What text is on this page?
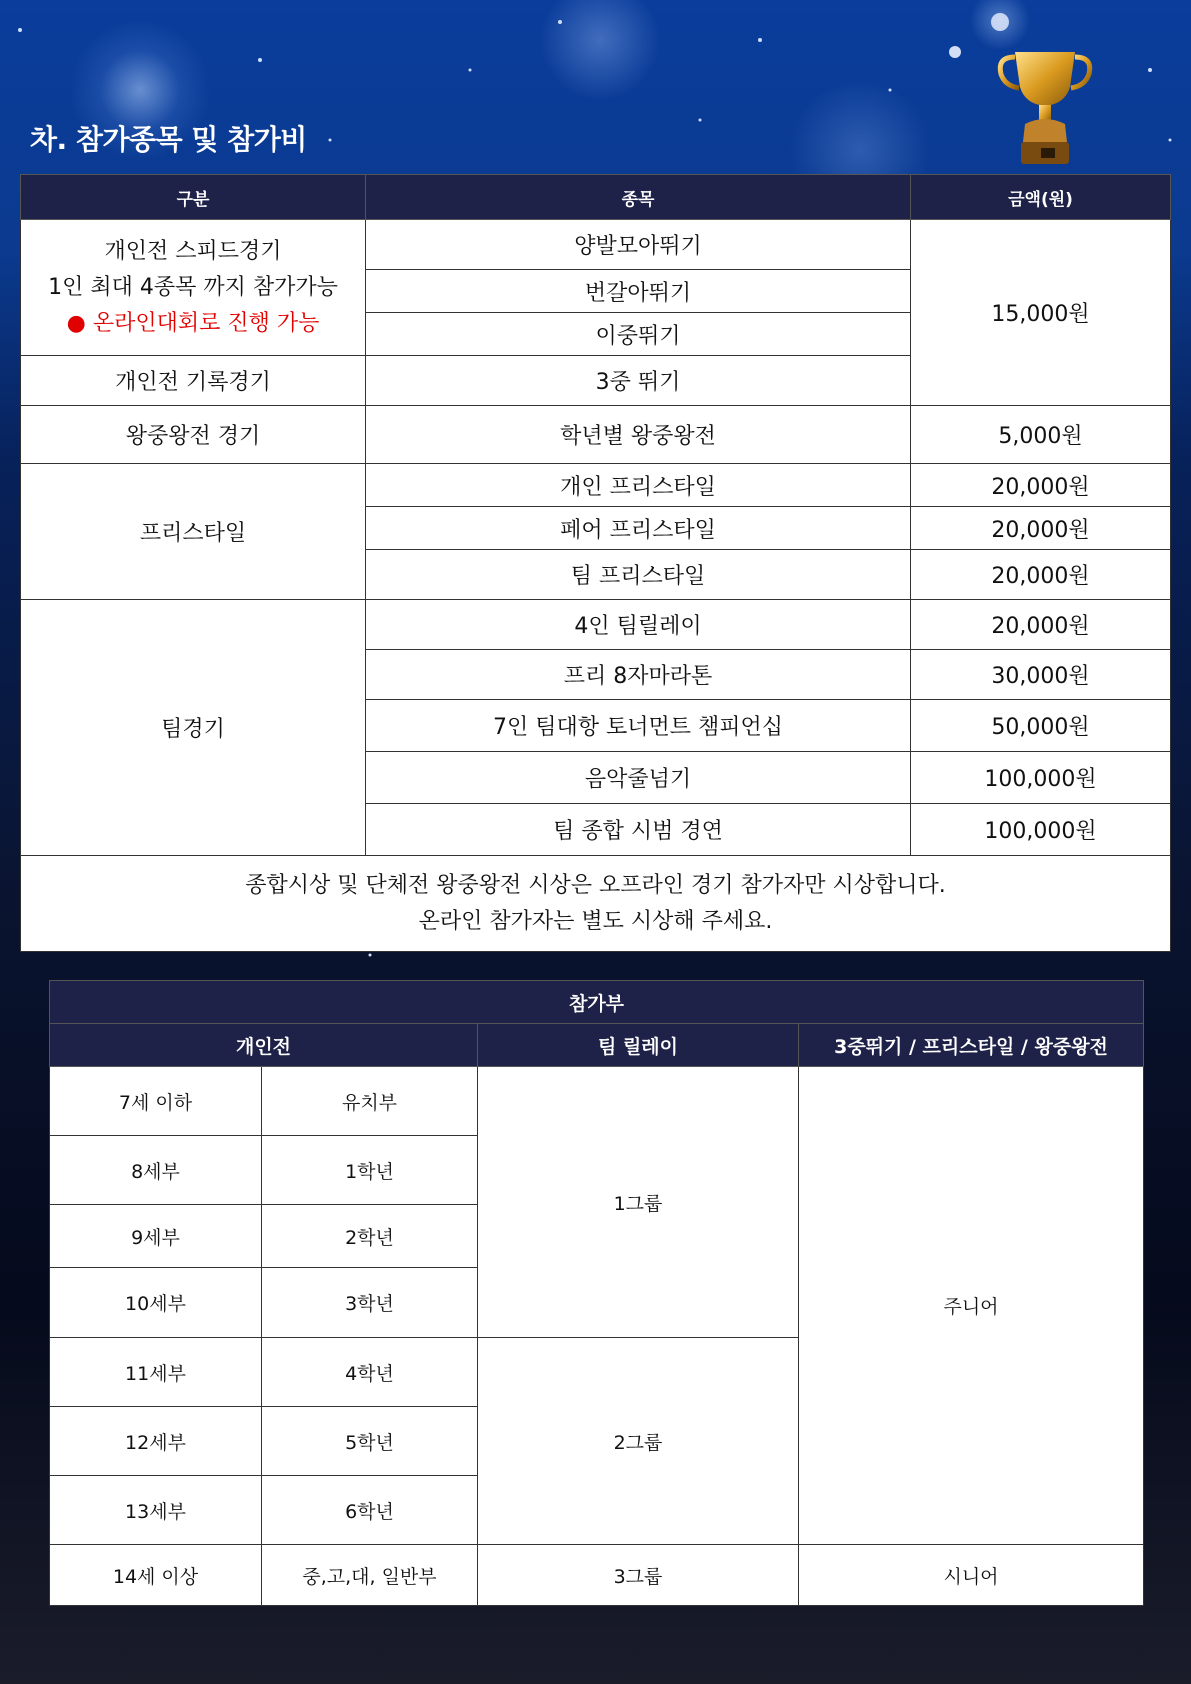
차. 참가종목 및 참가비
구분	종목	금액(원)

개인전 스피드경기
1인 최대 4종목 까지 참가가능
● 온라인대회로 진행 가능	양발모아뛰기	15,000원
	번갈아뛰기	
	이중뛰기	
개인전 기록경기	3중 뛰기	
왕중왕전 경기	학년별 왕중왕전	5,000원
프리스타일	개인 프리스타일	20,000원
	페어 프리스타일	20,000원
	팀 프리스타일	20,000원
팀경기	4인 팀릴레이	20,000원
	프리 8자마라톤	30,000원
	7인 팀대항 토너먼트 챔피언십	50,000원
	음악줄넘기	100,000원
	팀 종합 시범 경연	100,000원

종합시상 및 단체전 왕중왕전 시상은 오프라인 경기 참가자만 시상합니다.
온라인 참가자는 별도 시상해 주세요.		
참가부			
개인전		팀 릴레이	3중뛰기 / 프리스타일 / 왕중왕전
7세 이하	유치부	1그룹	주니어
8세부	1학년		
9세부	2학년		
10세부	3학년		
11세부	4학년	2그룹	
12세부	5학년		
13세부	6학년		
14세 이상	중,고,대, 일반부	3그룹	시니어
